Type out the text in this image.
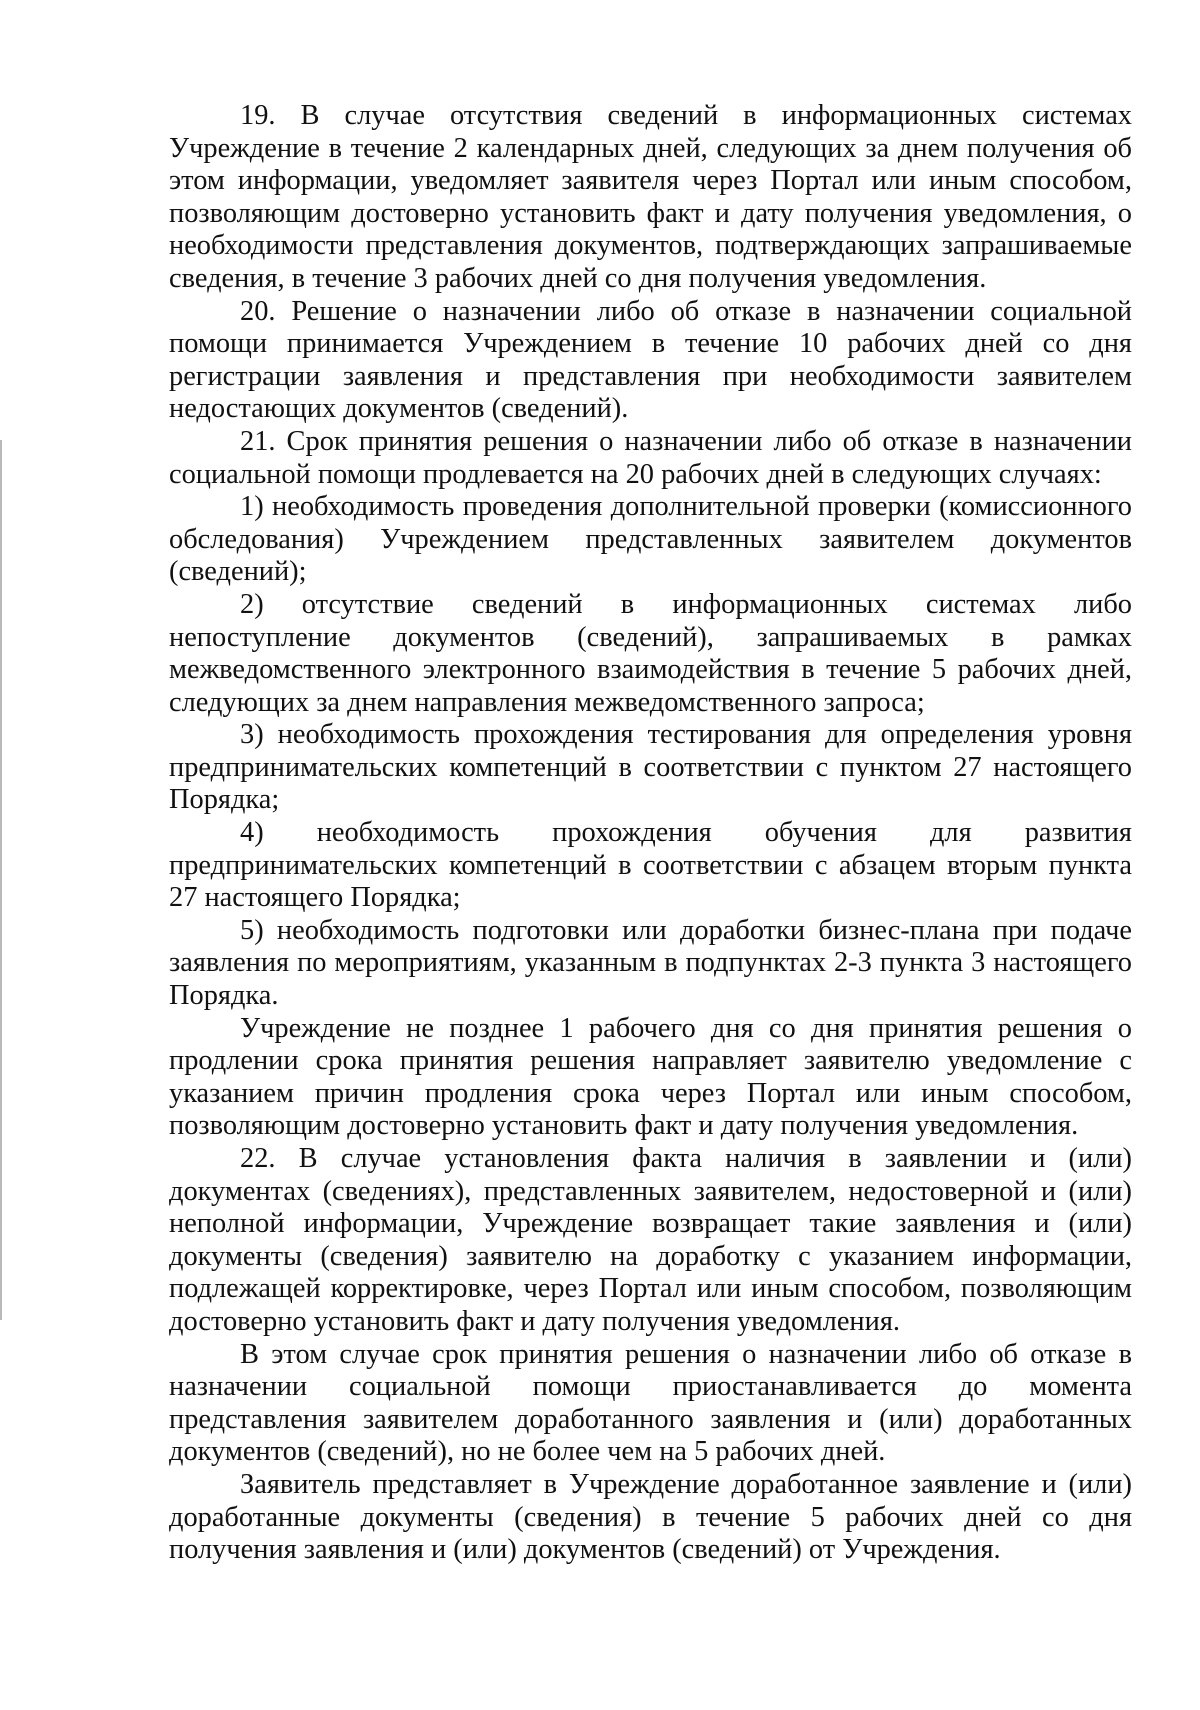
19. В случае отсутствия сведений в информационных системах Учреждение в течение 2 календарных дней, следующих за днем получения об этом информации, уведомляет заявителя через Портал или иным способом, позволяющим достоверно установить факт и дату получения уведомления, о необходимости представления документов, подтверждающих запрашиваемые сведения, в течение 3 рабочих дней со дня получения уведомления.

20. Решение о назначении либо об отказе в назначении социальной помощи принимается Учреждением в течение 10 рабочих дней со дня регистрации заявления и представления при необходимости заявителем недостающих документов (сведений).

21. Срок принятия решения о назначении либо об отказе в назначении социальной помощи продлевается на 20 рабочих дней в следующих случаях:

1) необходимость проведения дополнительной проверки (комиссионного обследования) Учреждением представленных заявителем документов (сведений);

2) отсутствие сведений в информационных системах либо непоступление документов (сведений), запрашиваемых в рамках межведомственного электронного взаимодействия в течение 5 рабочих дней, следующих за днем направления межведомственного запроса;

3) необходимость прохождения тестирования для определения уровня предпринимательских компетенций в соответствии с пунктом 27 настоящего Порядка;

4) необходимость прохождения обучения для развития предпринимательских компетенций в соответствии с абзацем вторым пункта 27 настоящего Порядка;

5) необходимость подготовки или доработки бизнес-плана при подаче заявления по мероприятиям, указанным в подпунктах 2-3 пункта 3 настоящего Порядка.

Учреждение не позднее 1 рабочего дня со дня принятия решения о продлении срока принятия решения направляет заявителю уведомление с указанием причин продления срока через Портал или иным способом, позволяющим достоверно установить факт и дату получения уведомления.

22. В случае установления факта наличия в заявлении и (или) документах (сведениях), представленных заявителем, недостоверной и (или) неполной информации, Учреждение возвращает такие заявления и (или) документы (сведения) заявителю на доработку с указанием информации, подлежащей корректировке, через Портал или иным способом, позволяющим достоверно установить факт и дату получения уведомления.

В этом случае срок принятия решения о назначении либо об отказе в назначении социальной помощи приостанавливается до момента представления заявителем доработанного заявления и (или) доработанных документов (сведений), но не более чем на 5 рабочих дней.

Заявитель представляет в Учреждение доработанное заявление и (или) доработанные документы (сведения) в течение 5 рабочих дней со дня получения заявления и (или) документов (сведений) от Учреждения.
